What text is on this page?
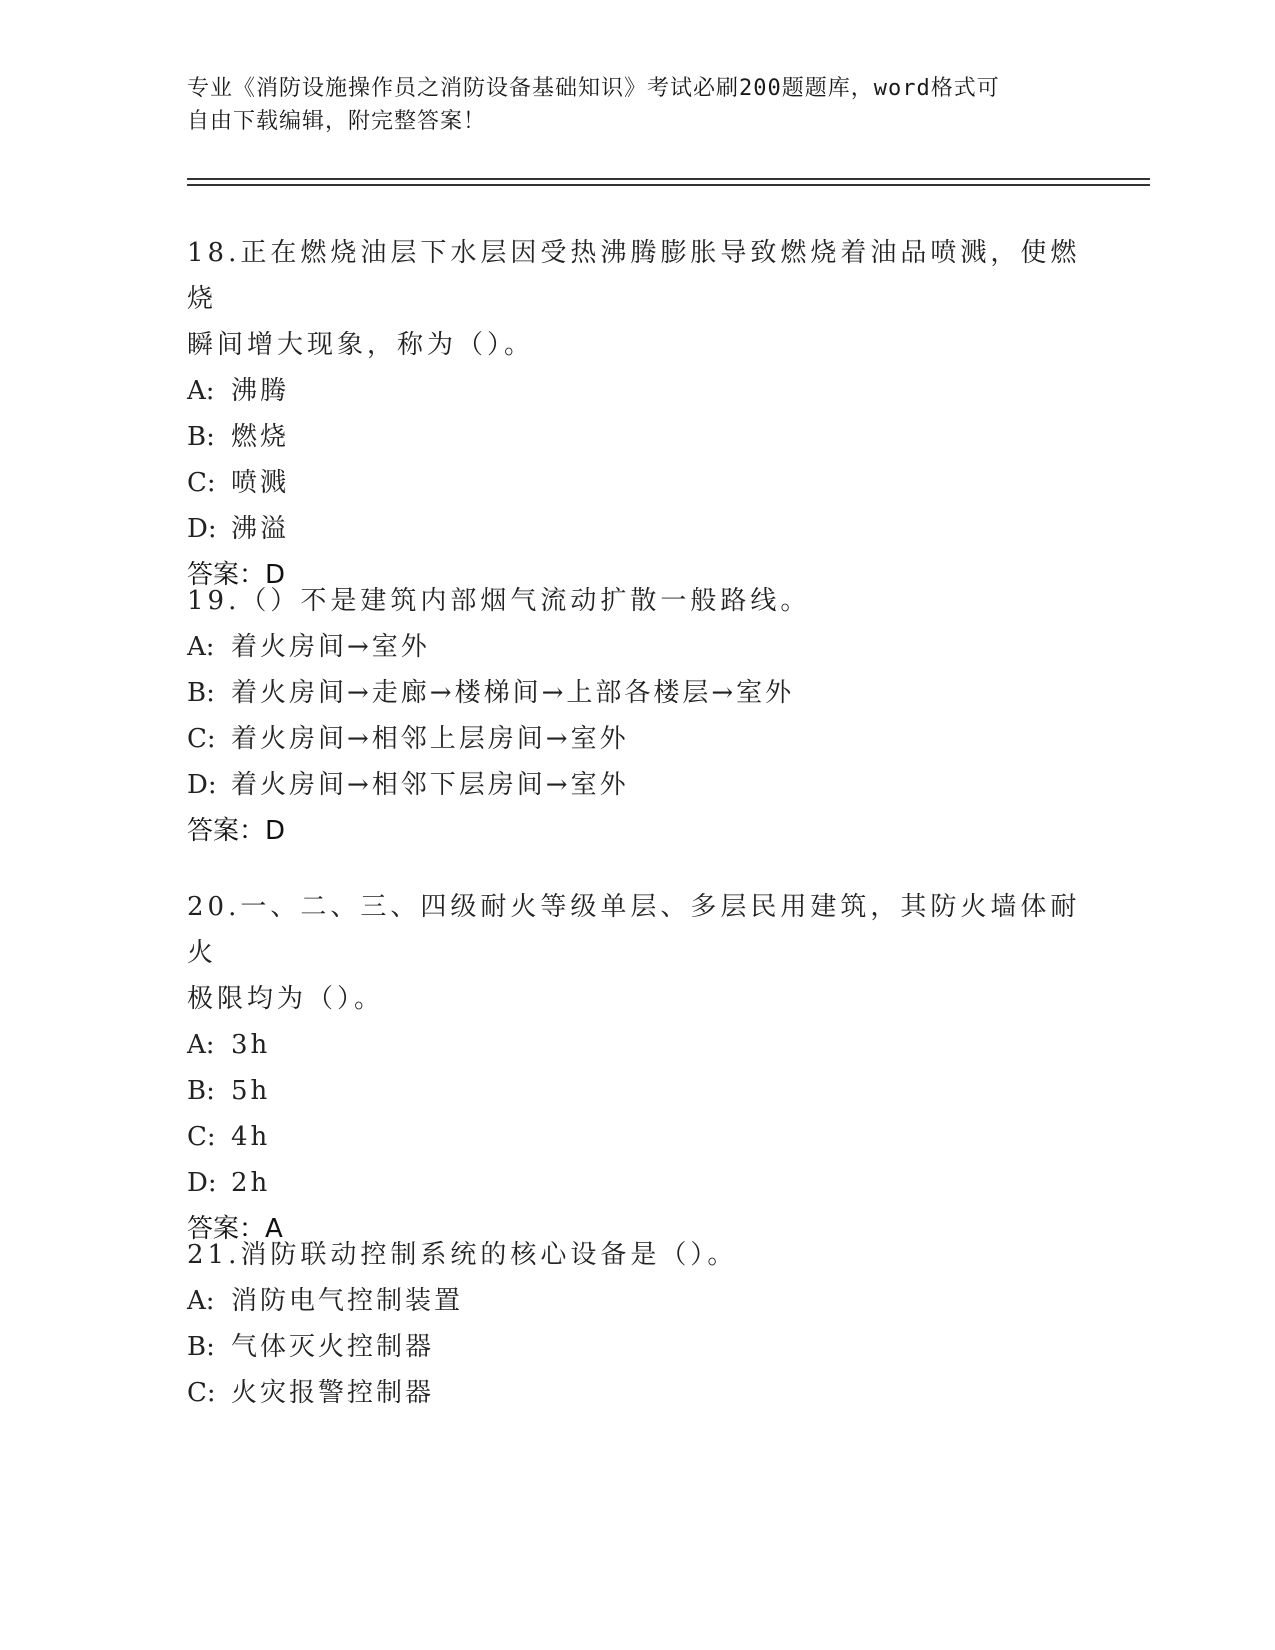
专业《消防设施操作员之消防设备基础知识》考试必刷200题题库，word格式可
自由下载编辑，附完整答案！

18.正在燃烧油层下水层因受热沸腾膨胀导致燃烧着油品喷溅，使燃烧

瞬间增大现象，称为（）。

A: 沸腾

B: 燃烧

C: 喷溅

D: 沸溢

答案：D

19.（）不是建筑内部烟气流动扩散一般路线。

A: 着火房间→室外

B: 着火房间→走廊→楼梯间→上部各楼层→室外

C: 着火房间→相邻上层房间→室外

D: 着火房间→相邻下层房间→室外

答案：D

20.一、二、三、四级耐火等级单层、多层民用建筑，其防火墙体耐火

极限均为（）。

A: 3h

B: 5h

C: 4h

D: 2h

答案：A

21.消防联动控制系统的核心设备是（）。

A: 消防电气控制装置

B: 气体灭火控制器

C: 火灾报警控制器
